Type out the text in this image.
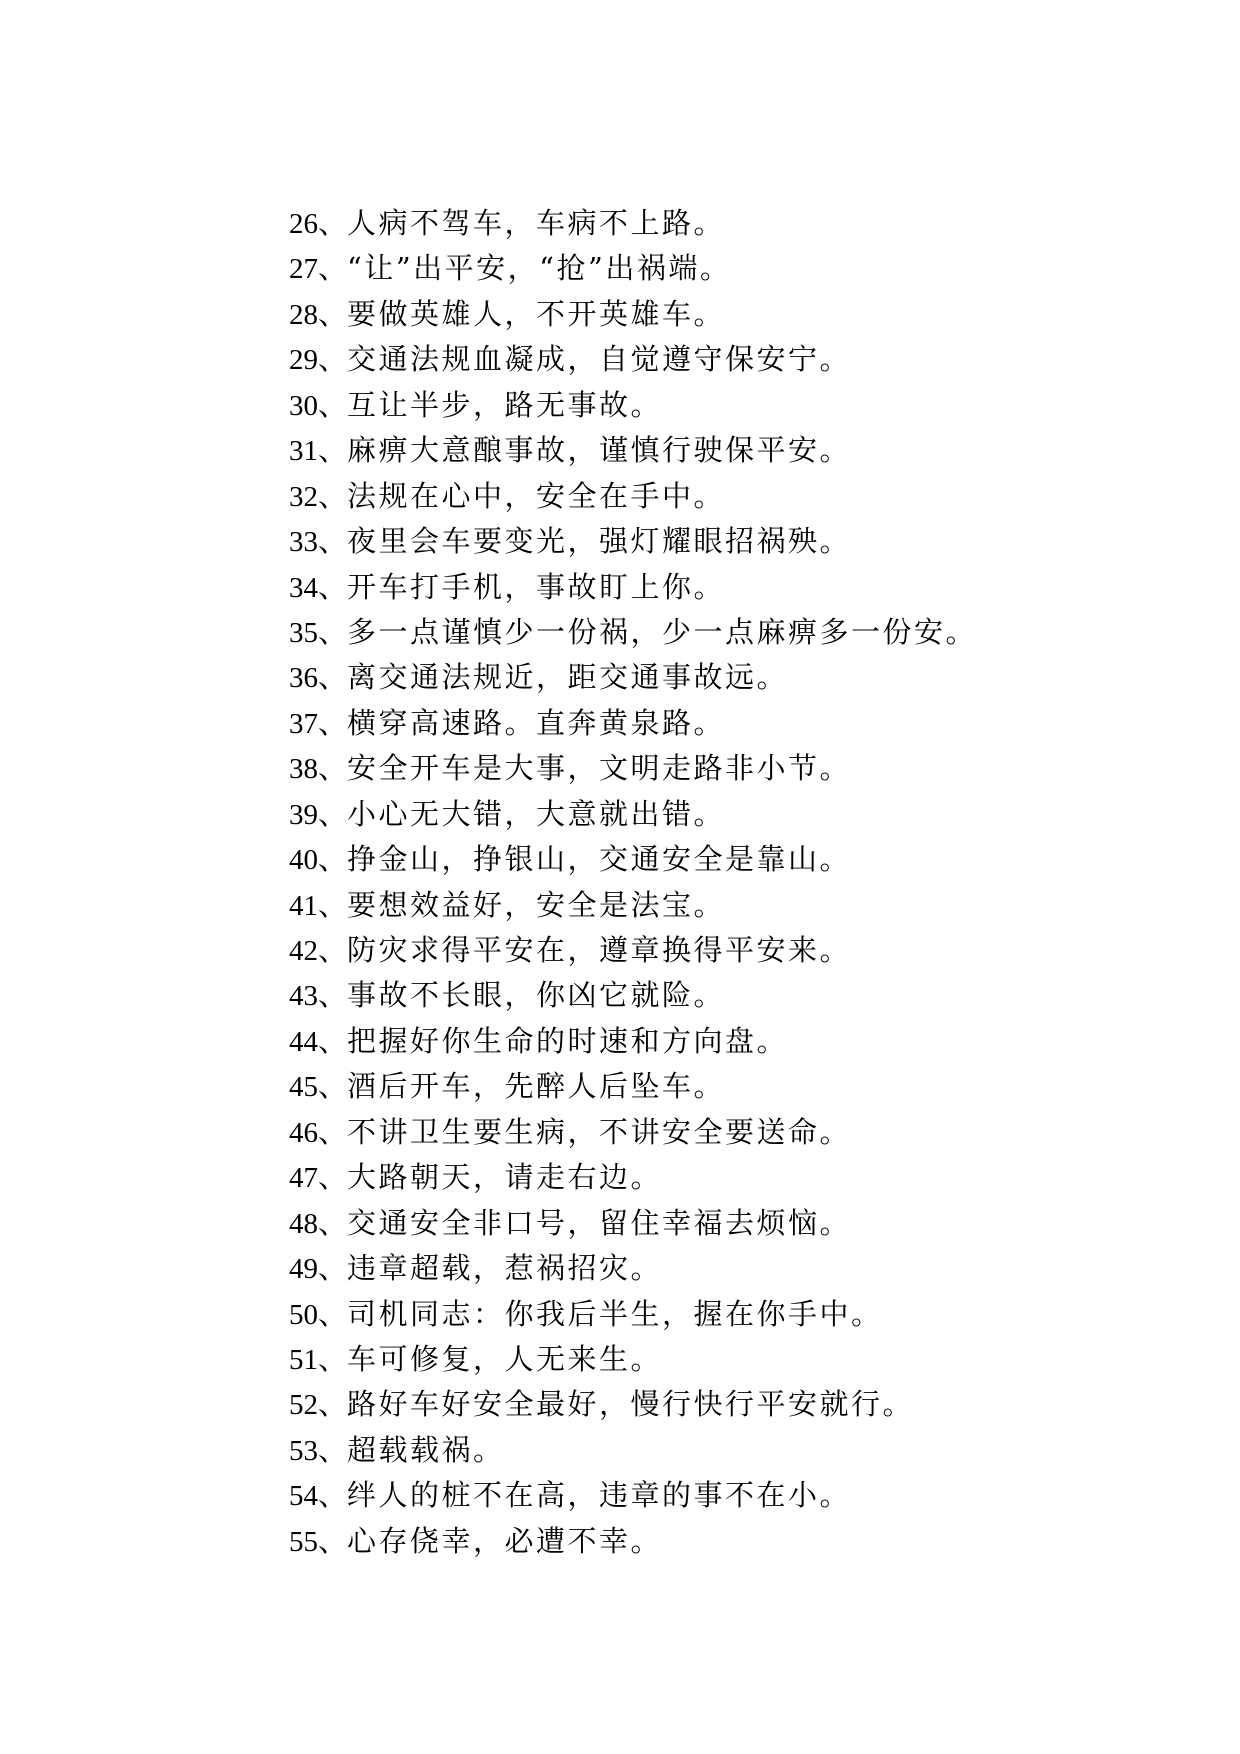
26、人病不驾车，车病不上路。
27、“让”出平安，“抢”出祸端。
28、要做英雄人，不开英雄车。
29、交通法规血凝成，自觉遵守保安宁。
30、互让半步，路无事故。
31、麻痹大意酿事故，谨慎行驶保平安。
32、法规在心中，安全在手中。
33、夜里会车要变光，强灯耀眼招祸殃。
34、开车打手机，事故盯上你。
35、多一点谨慎少一份祸，少一点麻痹多一份安。
36、离交通法规近，距交通事故远。
37、横穿高速路。直奔黄泉路。
38、安全开车是大事，文明走路非小节。
39、小心无大错，大意就出错。
40、挣金山，挣银山，交通安全是靠山。
41、要想效益好，安全是法宝。
42、防灾求得平安在，遵章换得平安来。
43、事故不长眼，你凶它就险。
44、把握好你生命的时速和方向盘。
45、酒后开车，先醉人后坠车。
46、不讲卫生要生病，不讲安全要送命。
47、大路朝天，请走右边。
48、交通安全非口号，留住幸福去烦恼。
49、违章超载，惹祸招灾。
50、司机同志：你我后半生，握在你手中。
51、车可修复，人无来生。
52、路好车好安全最好，慢行快行平安就行。
53、超载载祸。
54、绊人的桩不在高，违章的事不在小。
55、心存侥幸，必遭不幸。
